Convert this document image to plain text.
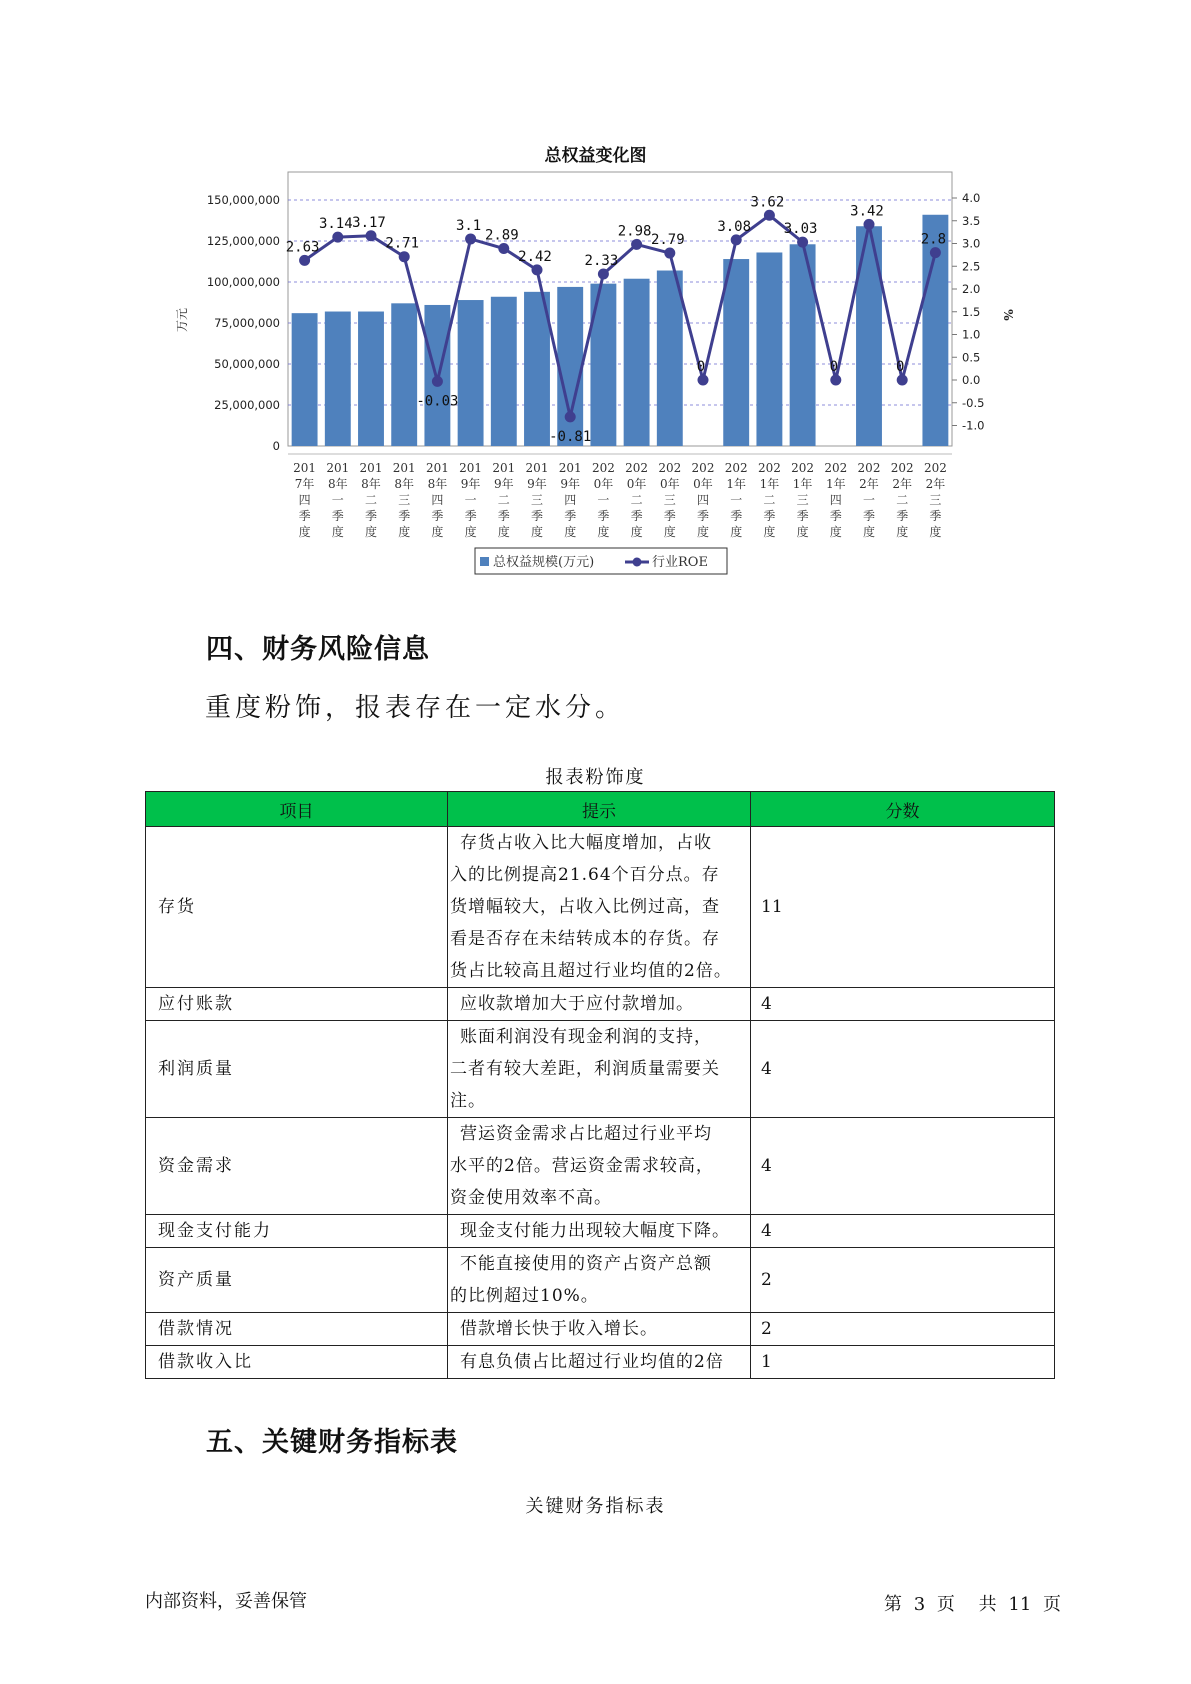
总权益变化图
0
25,000,000
50,000,000
75,000,000
100,000,000
125,000,000
150,000,000
-1.0
-0.5
0.0
0.5
1.0
1.5
2.0
2.5
3.0
3.5
4.0
万元	%
2.63
3.14 3.17
2.71
-0.03
3.1
2.89
2.42
-0.81
2.33
2.98
2.79
0
3.08
3.62
3.03
0
3.42
0
2.8
201
7年
四
季
度
201
8年
一
季
度
201
8年
二
季
度
201
8年
三
季
度
201
8年
四
季
度
201
9年
一
季
度
201
9年
二
季
度
201
9年
三
季
度
201
9年
四
季
度
202
0年
一
季
度
202
0年
二
季
度
202
0年
三
季
度
202
0年
四
季
度
202
1年
一
季
度
202
1年
二
季
度
202
1年
三
季
度
202
1年
四
季
度
202
2年
一
季
度
202
2年
二
季
度
202
2年
三
季
度
总权益规模(万元)	行业ROE
四、财务风险信息
重度粉饰，报表存在一定水分。
报表粉饰度
项目	提示	分数
存货	存货占收入比大幅度增加，占收
入的比例提高21.64个百分点。存
货增幅较大，占收入比例过高，查
看是否存在未结转成本的存货。存
货占比较高且超过行业均值的2倍。	11
应付账款	应收款增加大于应付款增加。	4
利润质量	账面利润没有现金利润的支持，
二者有较大差距，利润质量需要关
注。	4
资金需求	营运资金需求占比超过行业平均
水平的2倍。营运资金需求较高，
资金使用效率不高。	4
现金支付能力	现金支付能力出现较大幅度下降。	4
资产质量	不能直接使用的资产占资产总额
的比例超过10%。	2
借款情况	借款增长快于收入增长。	2
借款收入比	有息负债占比超过行业均值的2倍	1
五、关键财务指标表
关键财务指标表
内部资料，妥善保管	第 3 页 共 11 页
